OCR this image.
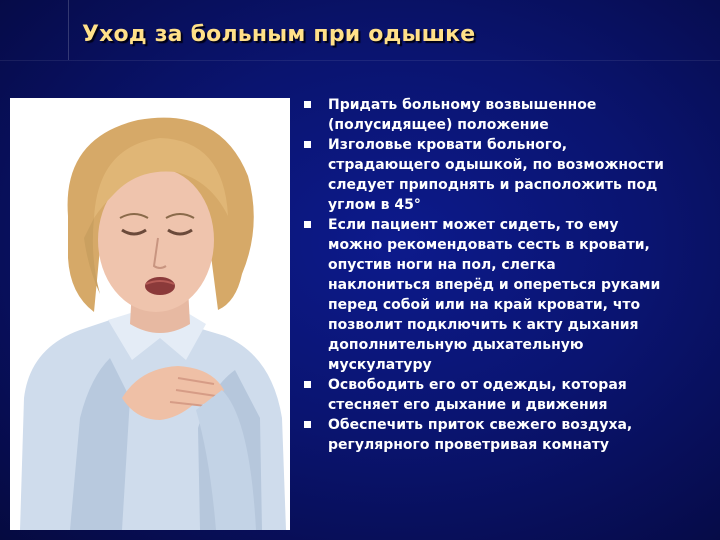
Уход за больным при одышке
Придать больному возвышенное
(полусидящее) положение
Изголовье кровати больного,
страдающего одышкой, по возможности
следует приподнять и расположить под
углом в 45°
Если пациент может сидеть, то ему
можно рекомендовать сесть в кровати,
опустив ноги на пол, слегка
наклониться вперёд и опереться руками
перед собой или на край кровати, что
позволит подключить к акту дыхания
дополнительную дыхательную
мускулатуру
Освободить его от одежды, которая
стесняет его дыхание и движения
Обеспечить приток свежего воздуха,
регулярного проветривая комнату
